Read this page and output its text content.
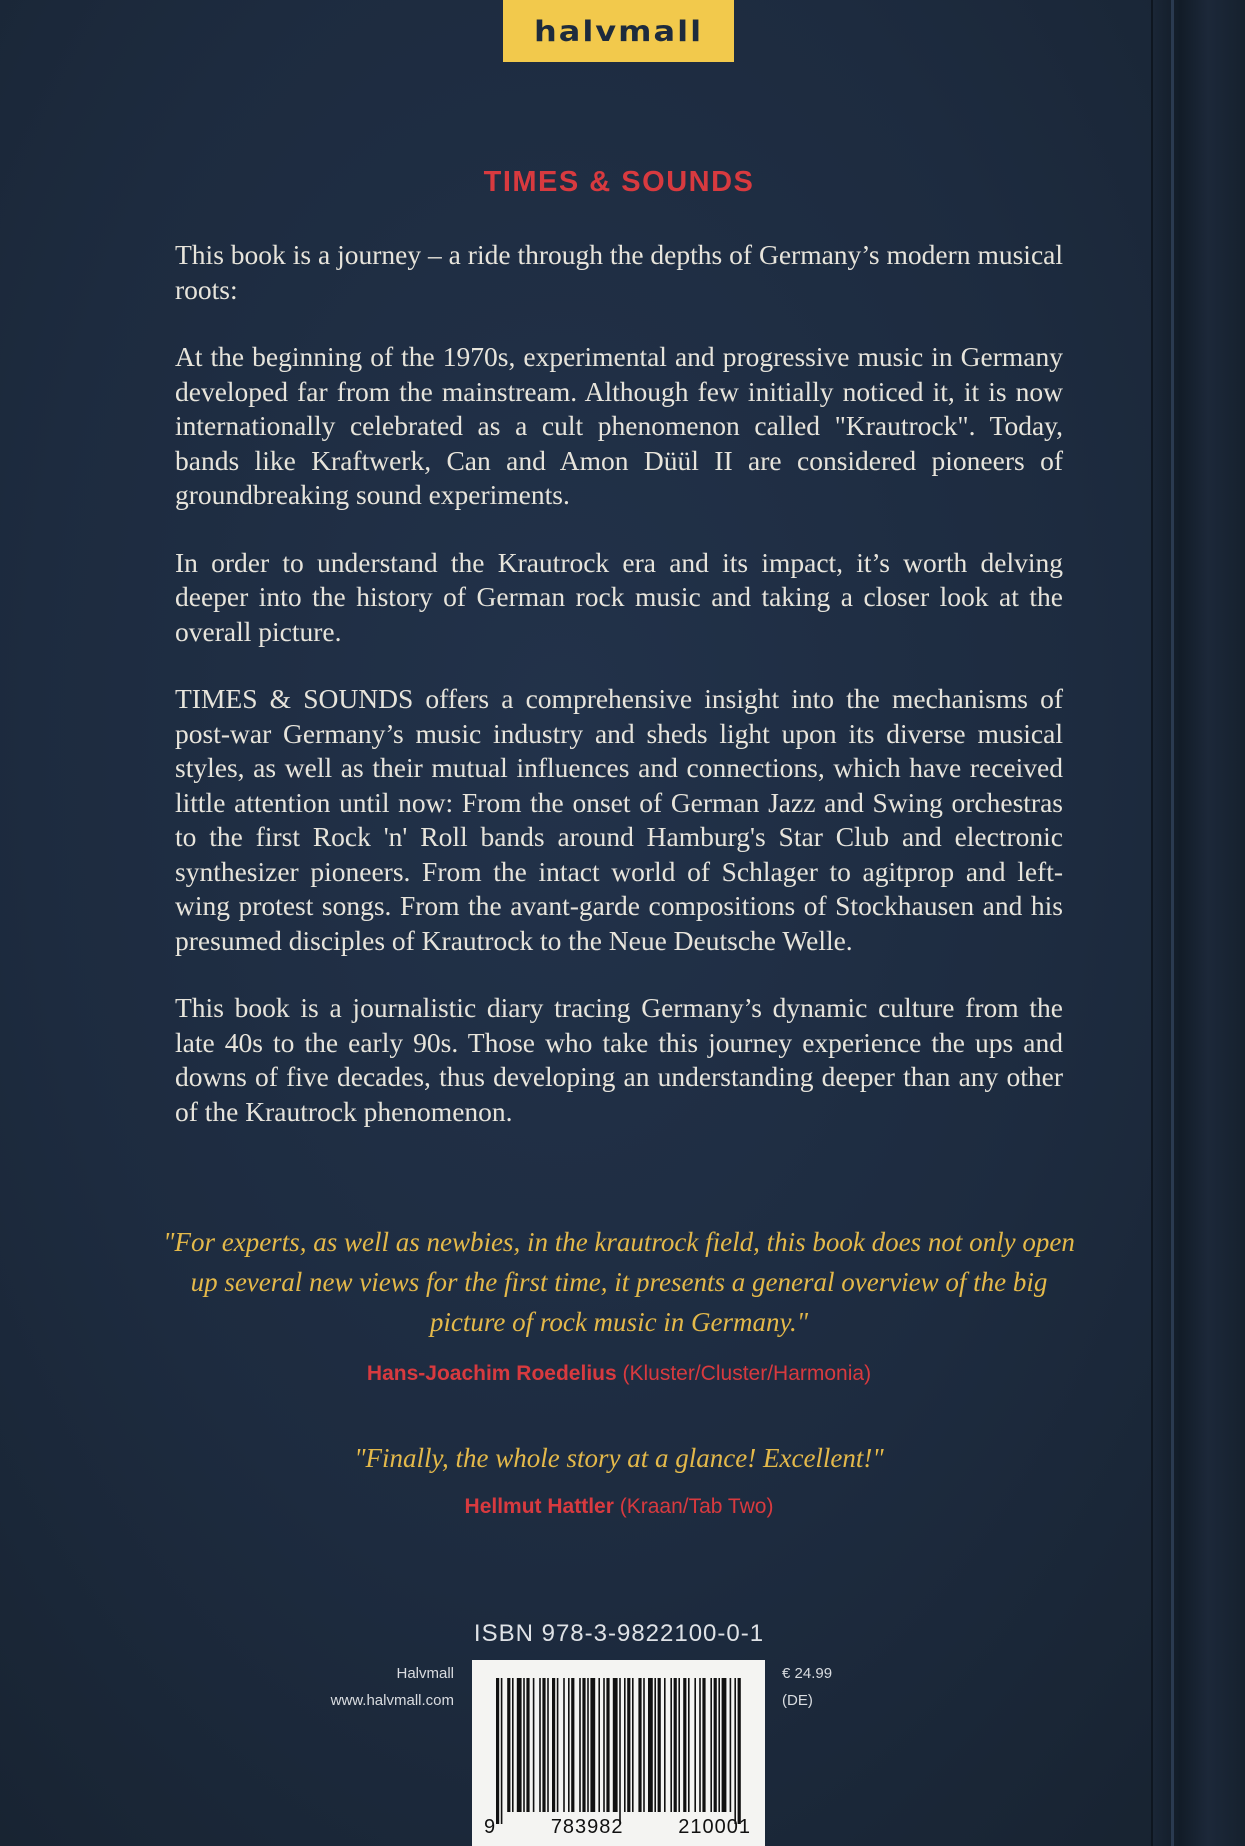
halvmall
TIMES & SOUNDS

This book is a journey – a ride through the depths of Germany’s modern musical roots:

At the beginning of the 1970s, experimental and progressive music in Germany developed far from the mainstream. Although few initially noticed it, it is now internationally celebrated as a cult phenomenon called "Krautrock". Today, bands like Kraftwerk, Can and Amon Düül II are considered pioneers of groundbreaking sound experiments.

In order to understand the Krautrock era and its impact, it’s worth delving deeper into the history of German rock music and taking a closer look at the overall picture.

TIMES & SOUNDS offers a comprehensive insight into the mechanisms of post-war Germany’s music industry and sheds light upon its diverse musical styles, as well as their mutual influences and connections, which have received little attention until now: From the onset of German Jazz and Swing orchestras to the first Rock 'n' Roll bands around Hamburg's Star Club and electronic synthesizer pioneers. From the intact world of Schlager to agitprop and left-wing protest songs. From the avant-garde compositions of Stockhausen and his presumed disciples of Krautrock to the Neue Deutsche Welle.

This book is a journalistic diary tracing Germany’s dynamic culture from the late 40s to the early 90s. Those who take this journey experience the ups and downs of five decades, thus developing an understanding deeper than any other of the Krautrock phenomenon.

"For experts, as well as newbies, in the krautrock field, this book does not only open up several new views for the first time, it presents a general overview of the big picture of rock music in Germany."
Hans-Joachim Roedelius (Kluster/Cluster/Harmonia)
"Finally, the whole story at a glance! Excellent!"
Hellmut Hattler (Kraan/Tab Two)
ISBN 978-3-9822100-0-1
Halvmall
www.halvmall.com
9	783982	210001
€ 24.99
(DE)
